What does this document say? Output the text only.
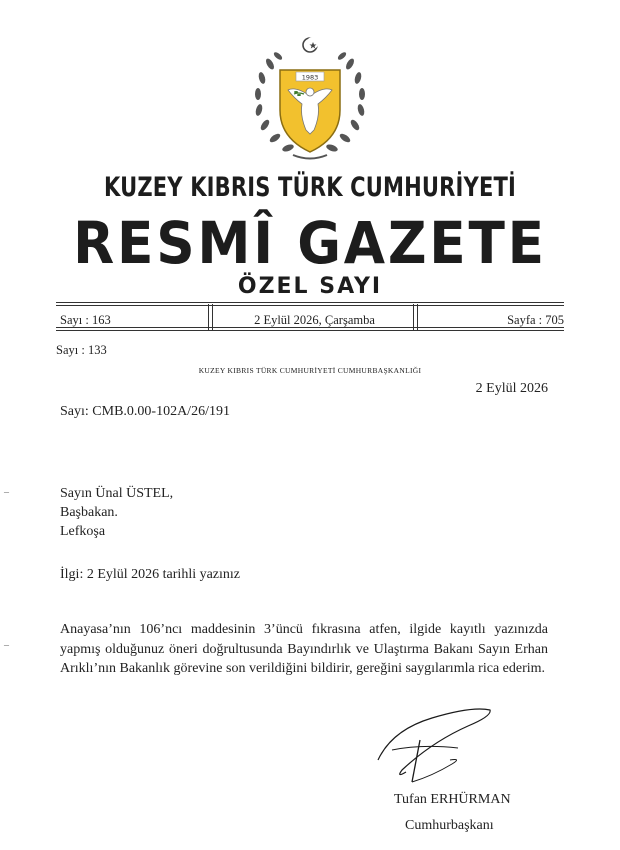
1983
KUZEY KIBRIS TÜRK CUMHURİYETİ
RESMÎ GAZETE
ÖZEL SAYI
Sayı : 163	2 Eylül 2026, Çarşamba	Sayfa : 705
Sayı : 133
KUZEY KIBRIS TÜRK CUMHURİYETİ CUMHURBAŞKANLIĞI
2 Eylül 2026
Sayı: CMB.0.00-102A/26/191
Sayın Ünal ÜSTEL,
Başbakan.
Lefkoşa
İlgi: 2 Eylül 2026 tarihli yazınız
Anayasa’nın 106’ncı maddesinin 3’üncü fıkrasına atfen, ilgide kayıtlı yazınızda yapmış olduğunuz öneri doğrultusunda Bayındırlık ve Ulaştırma Bakanı Sayın Erhan Arıklı’nın Bakanlık görevine son verildiğini bildirir, gereğini saygılarımla rica ederim.
Tufan ERHÜRMAN
Cumhurbaşkanı
–
–
